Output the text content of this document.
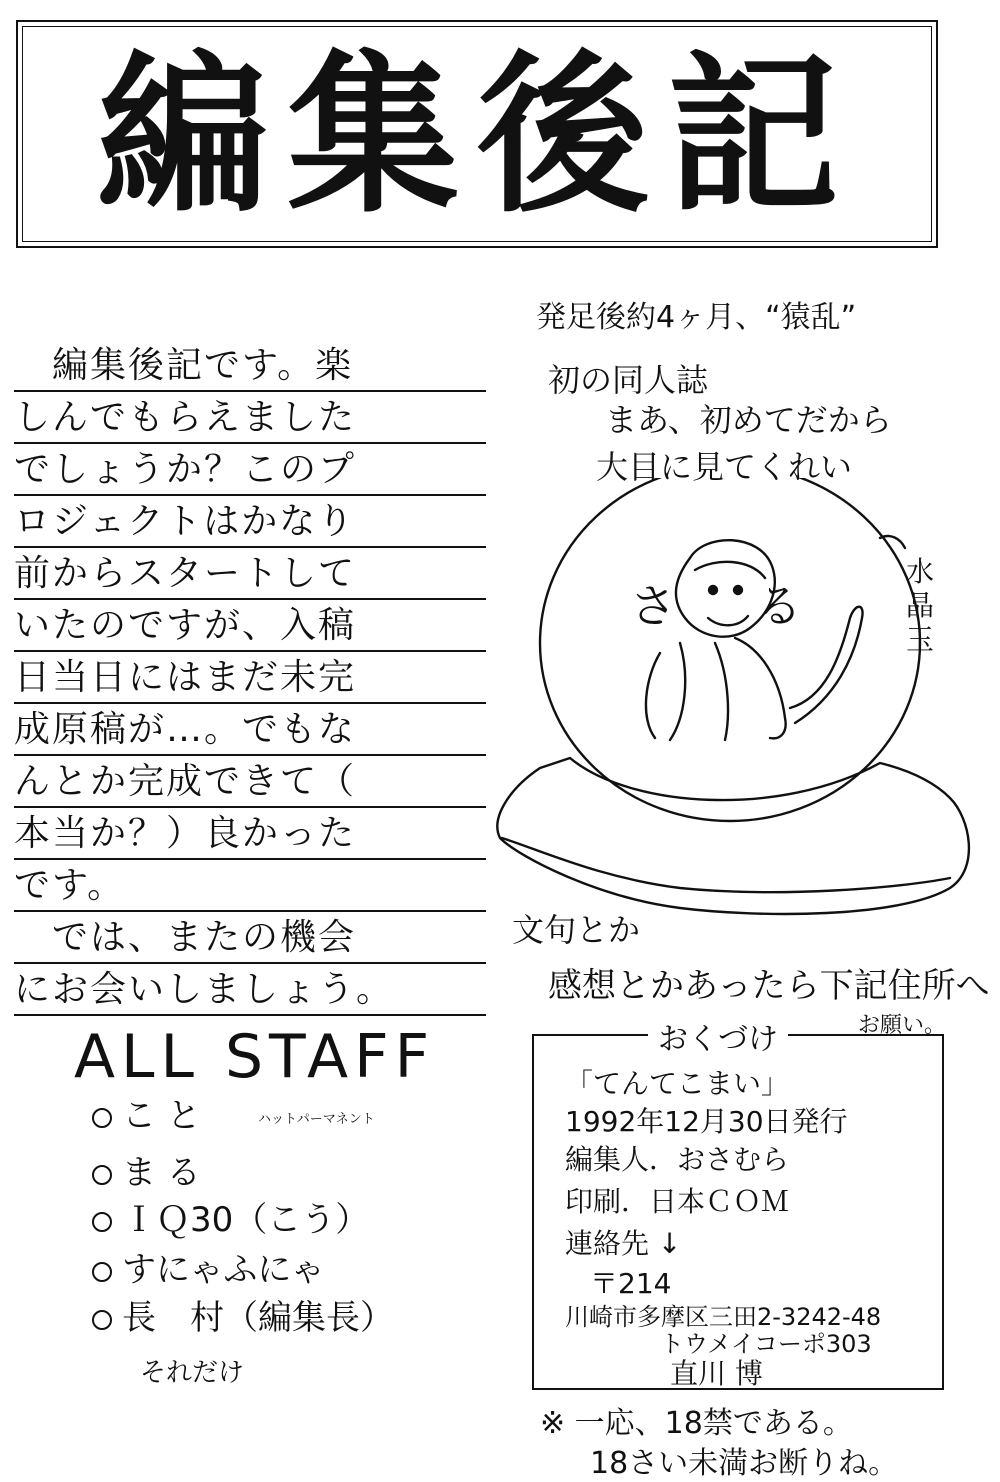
編集後記
　編集後記です。楽
しんでもらえました
でしょうか？このプ
ロジェクトはかなり
前からスタートして
いたのですが、入稿
日当日にはまだ未完
成原稿が…。でもな
んとか完成できて（
本当か？）良かった
です。
　では、またの機会
にお会いしましょう。
発足後約4ヶ月、“猿乱”
初の同人誌
まあ、初めてだから
大目に見てくれい
さる
水晶玉
文句とか
感想とかあったら下記住所へ
お願い。
ALL STAFF
こ と	ハットパーマネント
ま る
ＩＱ30（こう）
すにゃふにゃ
長　村（編集長）
それだけ
おくづけ
「てんてこまい」
1992年12月30日発行
編集人．おさむら
印刷．日本ＣＯＭ
連絡先 ↓
〒214
川崎市多摩区三田2-3242-48
トウメイコーポ303
直川 博
※ 一応、18禁である。
18さい未満お断りね。
